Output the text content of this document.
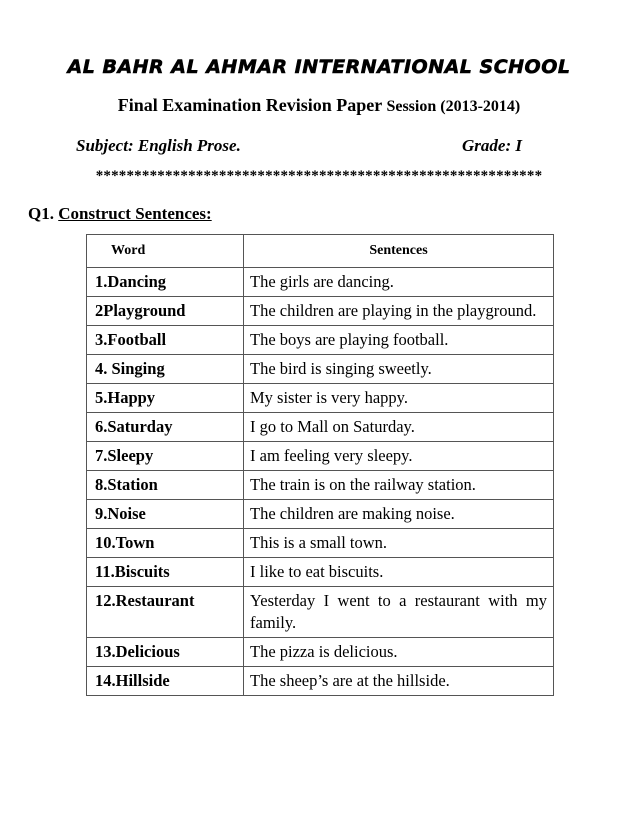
AL BAHR AL AHMAR INTERNATIONAL SCHOOL
Final Examination Revision Paper Session (2013-2014)
Subject: English Prose.	Grade: I
**********************************************************
Q1. Construct Sentences:
Word	Sentences
1.Dancing	The girls are dancing.
2Playground	The children are playing in the playground.
3.Football	The boys are playing football.
4. Singing	The bird is singing sweetly.
5.Happy	My sister is very happy.
6.Saturday	I go to Mall on Saturday.
7.Sleepy	I am feeling very sleepy.
8.Station	The train is on the railway station.
9.Noise	The children are making noise.
10.Town	This is a small town.
11.Biscuits	I like to eat biscuits.
12.Restaurant	Yesterday I went to a restaurant with my family.
13.Delicious	The pizza is delicious.
14.Hillside	The sheep’s are at the hillside.
